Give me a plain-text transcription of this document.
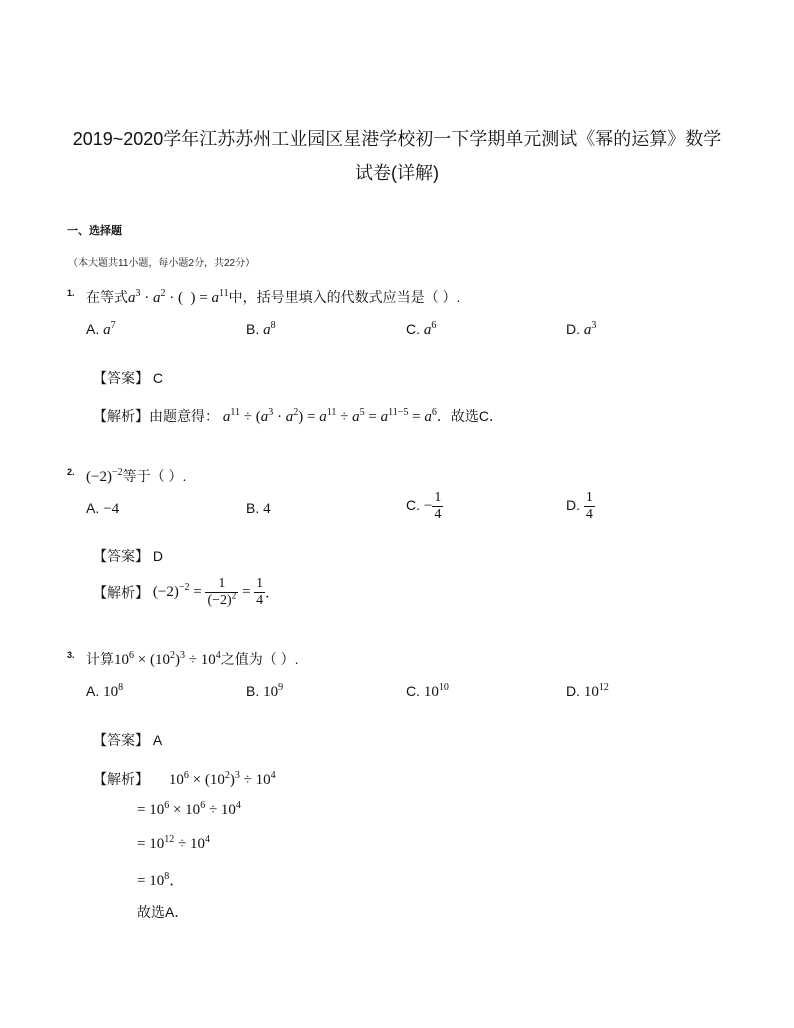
2019~2020学年江苏苏州工业园区星港学校初一下学期单元测试《幂的运算》数学
试卷(详解)
一、选择题
（本大题共11小题，每小题2分，共22分）
1. 在等式$a^3 \cdot a^2$ · (  ) = $a^{11}$中，括号里填入的代数式应当是（ ）.
A. $a^7$	B. $a^8$	C. $a^6$	D. $a^3$
【答案】 C
【解析】由题意得： $a^{11} \div (a^3 \cdot a^2) = a^{11} \div a^5 = a^{11-5} = a^6$．故选C．
2. $(-2)^{-2}$等于（ ）.
A. −4	B. 4	C. − $\frac{1}{4}$	D. $\frac{1}{4}$
【答案】 D
【解析】 $(-2)^{-2} = \frac{1}{(-2)^2} = \frac{1}{4}$ ．
3. 计算$10^6 \times (10^2)^3 \div 10^4$之值为（ ）.
A. $10^8$	B. $10^9$	C. $10^{10}$	D. $10^{12}$
【答案】 A
【解析】 $10^6 \times (10^2)^3 \div 10^4$
= $10^6 \times 10^6 \div 10^4$
= $10^{12} \div 10^4$
= $10^8$．
故选A．
